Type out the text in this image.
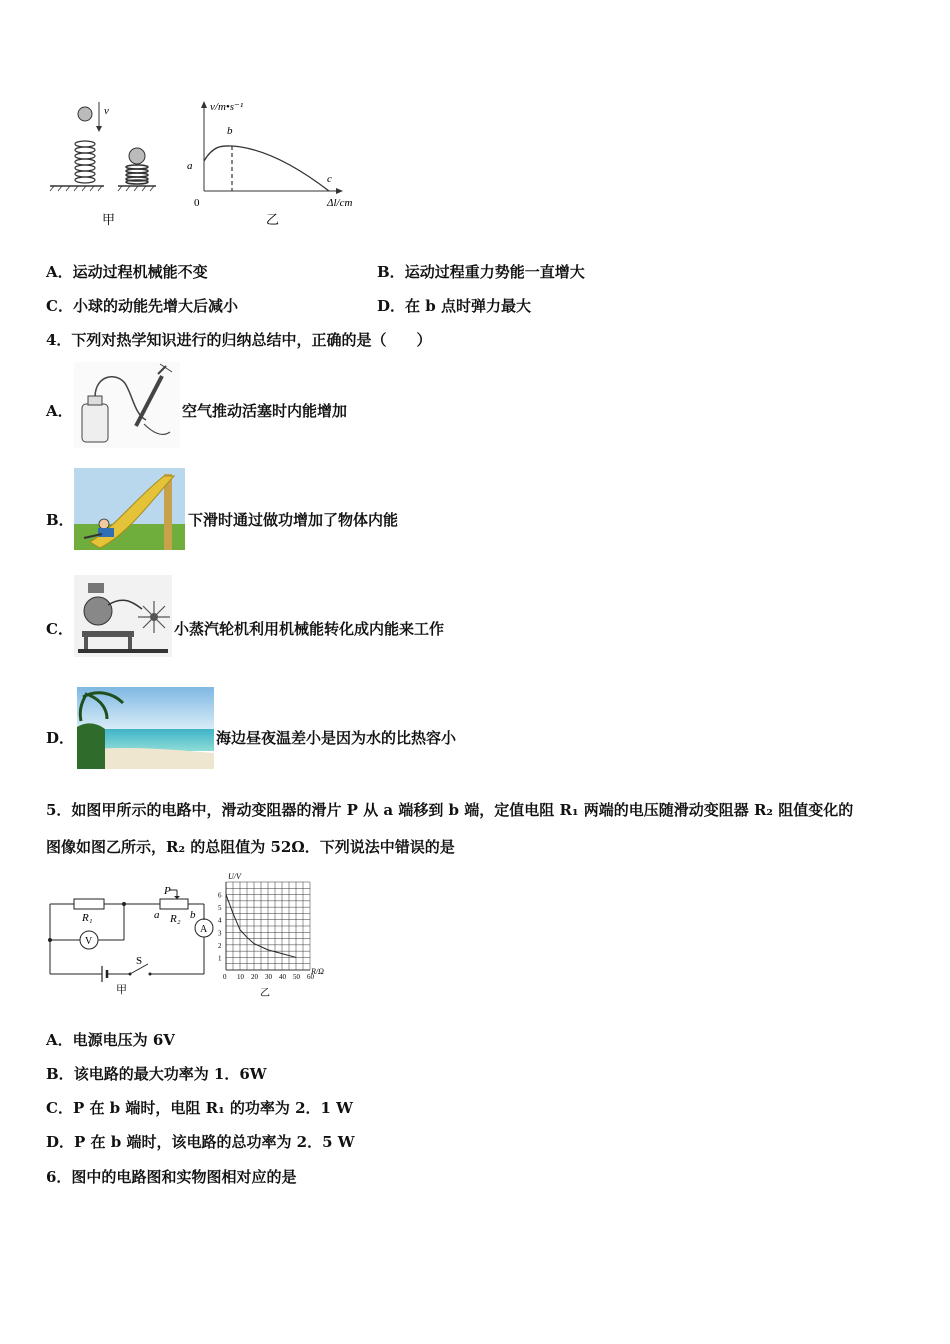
v
甲
v/m•s⁻¹
0	Δl/cm
a
b
c
乙
A．运动过程机械能不变	B．运动过程重力势能一直增大
C．小球的动能先增大后减小	D．在 b 点时弹力最大
4．下列对热学知识进行的归纳总结中，正确的是（　　）
A．	空气推动活塞时内能增加
B．	下滑时通过做功增加了物体内能
C．	小蒸汽轮机利用机械能转化成内能来工作
D．	海边昼夜温差小是因为水的比热容小
5．如图甲所示的电路中，滑动变阻器的滑片 P 从 a 端移到 b 端，定值电阻 R₁ 两端的电压随滑动变阻器 R₂ 阻值变化的
图像如图乙所示，R₂ 的总阻值为 52Ω．下列说法中错误的是
R₁	R₂
P
a	b
V
A
S
甲
0 10 20 30 40 50 60
1
2
3
4
5
6
U/V
R/Ω
乙
A．电源电压为 6V
B．该电路的最大功率为 1．6W
C．P 在 b 端时，电阻 R₁ 的功率为 2．1 W
D．P 在 b 端时，该电路的总功率为 2．5 W
6．图中的电路图和实物图相对应的是
